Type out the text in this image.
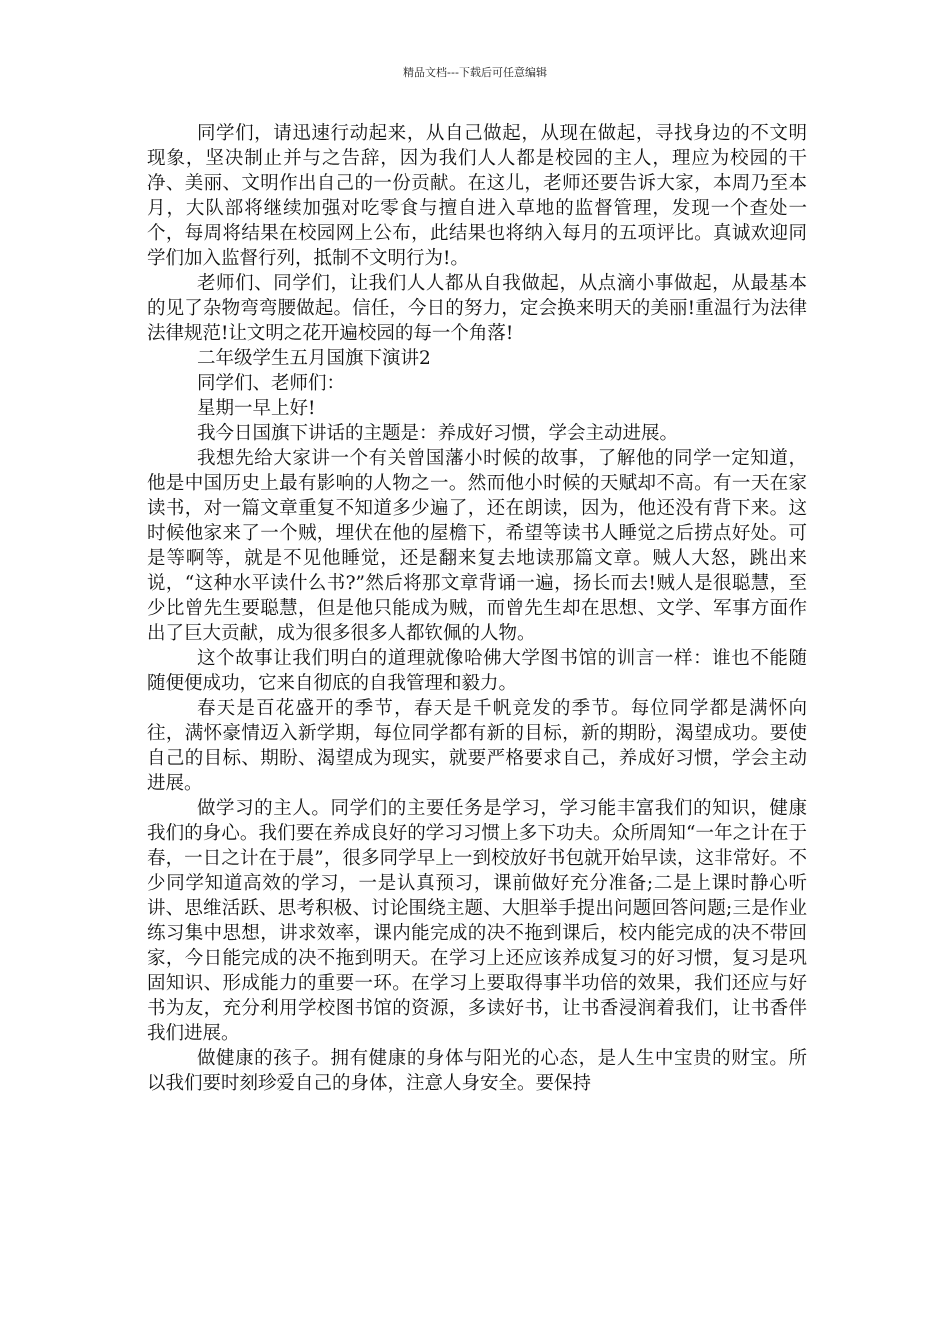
精品文档---下载后可任意编辑

同学们，请迅速行动起来，从自己做起，从现在做起，寻找身边的不文明现象，坚决制止并与之告辞，因为我们人人都是校园的主人，理应为校园的干净、美丽、文明作出自己的一份贡献。在这儿，老师还要告诉大家，本周乃至本月，大队部将继续加强对吃零食与擅自进入草地的监督管理，发现一个查处一个，每周将结果在校园网上公布，此结果也将纳入每月的五项评比。真诚欢迎同学们加入监督行列，抵制不文明行为!。

老师们、同学们，让我们人人都从自我做起，从点滴小事做起，从最基本的见了杂物弯弯腰做起。信任，今日的努力，定会换来明天的美丽!重温行为法律法律规范!让文明之花开遍校园的每一个角落!

二年级学生五月国旗下演讲2

同学们、老师们：

星期一早上好!

我今日国旗下讲话的主题是：养成好习惯，学会主动进展。

我想先给大家讲一个有关曾国藩小时候的故事，了解他的同学一定知道，他是中国历史上最有影响的人物之一。然而他小时候的天赋却不高。有一天在家读书，对一篇文章重复不知道多少遍了，还在朗读，因为，他还没有背下来。这时候他家来了一个贼，埋伏在他的屋檐下，希望等读书人睡觉之后捞点好处。可是等啊等，就是不见他睡觉，还是翻来复去地读那篇文章。贼人大怒，跳出来说，“这种水平读什么书?”然后将那文章背诵一遍，扬长而去!贼人是很聪慧，至少比曾先生要聪慧，但是他只能成为贼，而曾先生却在思想、文学、军事方面作出了巨大贡献，成为很多很多人都钦佩的人物。

这个故事让我们明白的道理就像哈佛大学图书馆的训言一样：谁也不能随随便便成功，它来自彻底的自我管理和毅力。

春天是百花盛开的季节，春天是千帆竞发的季节。每位同学都是满怀向往，满怀豪情迈入新学期，每位同学都有新的目标，新的期盼，渴望成功。要使自己的目标、期盼、渴望成为现实，就要严格要求自己，养成好习惯，学会主动进展。

做学习的主人。同学们的主要任务是学习，学习能丰富我们的知识，健康我们的身心。我们要在养成良好的学习习惯上多下功夫。众所周知“一年之计在于春，一日之计在于晨”，很多同学早上一到校放好书包就开始早读，这非常好。不少同学知道高效的学习，一是认真预习，课前做好充分准备;二是上课时静心听讲、思维活跃、思考积极、讨论围绕主题、大胆举手提出问题回答问题;三是作业练习集中思想，讲求效率，课内能完成的决不拖到课后，校内能完成的决不带回家，今日能完成的决不拖到明天。在学习上还应该养成复习的好习惯，复习是巩固知识、形成能力的重要一环。在学习上要取得事半功倍的效果，我们还应与好书为友，充分利用学校图书馆的资源，多读好书，让书香浸润着我们，让书香伴我们进展。

做健康的孩子。拥有健康的身体与阳光的心态，是人生中宝贵的财宝。所以我们要时刻珍爱自己的身体，注意人身安全。要保持
